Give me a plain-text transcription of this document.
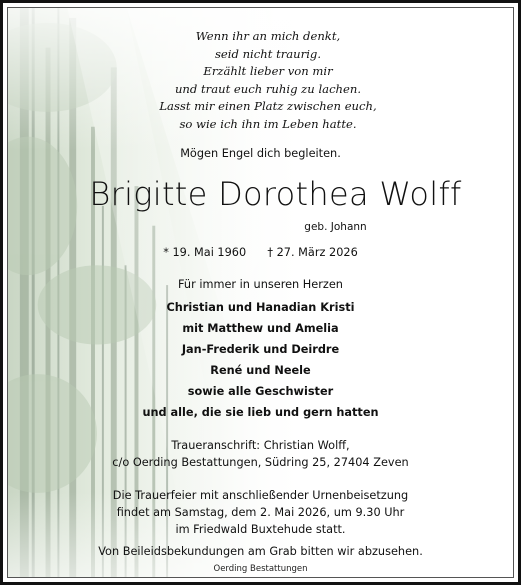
Wenn ihr an mich denkt,
seid nicht traurig.
Erzählt lieber von mir
und traut euch ruhig zu lachen.
Lasst mir einen Platz zwischen euch,
so wie ich ihn im Leben hatte.
Mögen Engel dich begleiten.
Brigitte Dorothea Wolff
geb. Johann
* 19. Mai 1960 † 27. März 2026
Für immer in unseren Herzen
Christian und Hanadian Kristi
mit Matthew und Amelia
Jan-Frederik und Deirdre
René und Neele
sowie alle Geschwister
und alle, die sie lieb und gern hatten
Traueranschrift: Christian Wolff,
c/o Oerding Bestattungen, Südring 25, 27404 Zeven
Die Trauerfeier mit anschließender Urnenbeisetzung
findet am Samstag, dem 2. Mai 2026, um 9.30 Uhr
im Friedwald Buxtehude statt.
Von Beileidsbekundungen am Grab bitten wir abzusehen.
Oerding Bestattungen
